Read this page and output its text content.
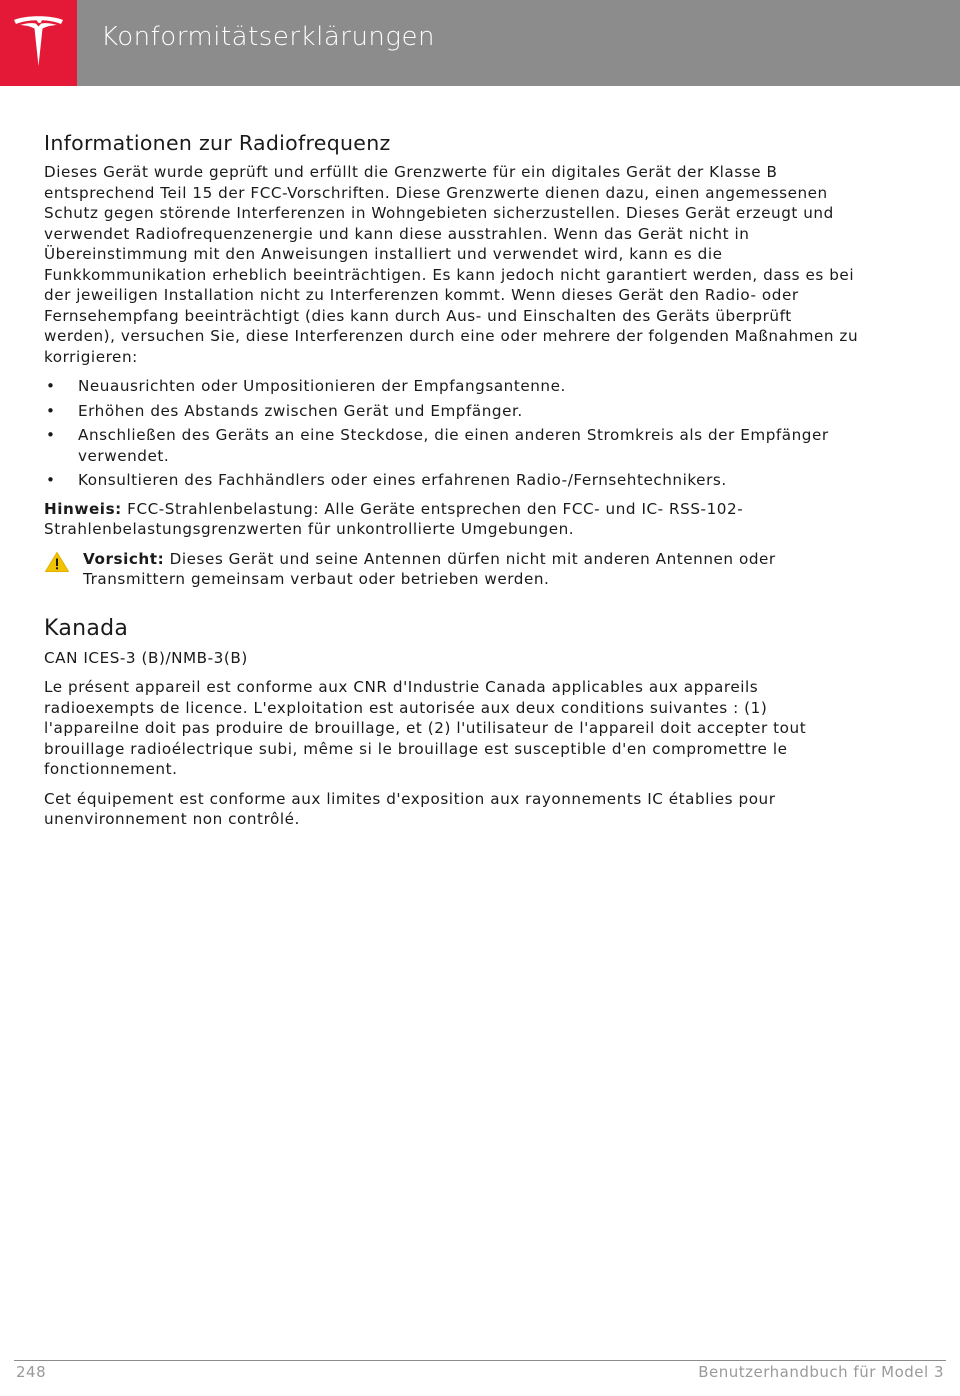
Konformitätserklärungen
Informationen zur Radiofrequenz

Dieses Gerät wurde geprüft und erfüllt die Grenzwerte für ein digitales Gerät der Klasse B entsprechend Teil 15 der FCC-Vorschriften. Diese Grenzwerte dienen dazu, einen angemessenen Schutz gegen störende Interferenzen in Wohngebieten sicherzustellen. Dieses Gerät erzeugt und verwendet Radiofrequenzenergie und kann diese ausstrahlen. Wenn das Gerät nicht in Übereinstimmung mit den Anweisungen installiert und verwendet wird, kann es die Funkkommunikation erheblich beeinträchtigen. Es kann jedoch nicht garantiert werden, dass es bei der jeweiligen Installation nicht zu Interferenzen kommt. Wenn dieses Gerät den Radio- oder Fernsehempfang beeinträchtigt (dies kann durch Aus- und Einschalten des Geräts überprüft werden), versuchen Sie, diese Interferenzen durch eine oder mehrere der folgenden Maßnahmen zu korrigieren:

• Neuausrichten oder Umpositionieren der Empfangsantenne.
• Erhöhen des Abstands zwischen Gerät und Empfänger.
• Anschließen des Geräts an eine Steckdose, die einen anderen Stromkreis als der Empfänger verwendet.
• Konsultieren des Fachhändlers oder eines erfahrenen Radio-/Fernsehtechnikers.

Hinweis: FCC-Strahlenbelastung: Alle Geräte entsprechen den FCC- und IC- RSS-102-Strahlenbelastungsgrenzwerten für unkontrollierte Umgebungen.

Vorsicht: Dieses Gerät und seine Antennen dürfen nicht mit anderen Antennen oder Transmittern gemeinsam verbaut oder betrieben werden.
Kanada

CAN ICES-3 (B)/NMB-3(B)

Le présent appareil est conforme aux CNR d'Industrie Canada applicables aux appareils radioexempts de licence. L'exploitation est autorisée aux deux conditions suivantes : (1) l'appareilne doit pas produire de brouillage, et (2) l'utilisateur de l'appareil doit accepter tout brouillage radioélectrique subi, même si le brouillage est susceptible d'en compromettre le fonctionnement.

Cet équipement est conforme aux limites d'exposition aux rayonnements IC établies pour unenvironnement non contrôlé.

248	Benutzerhandbuch für Model 3
